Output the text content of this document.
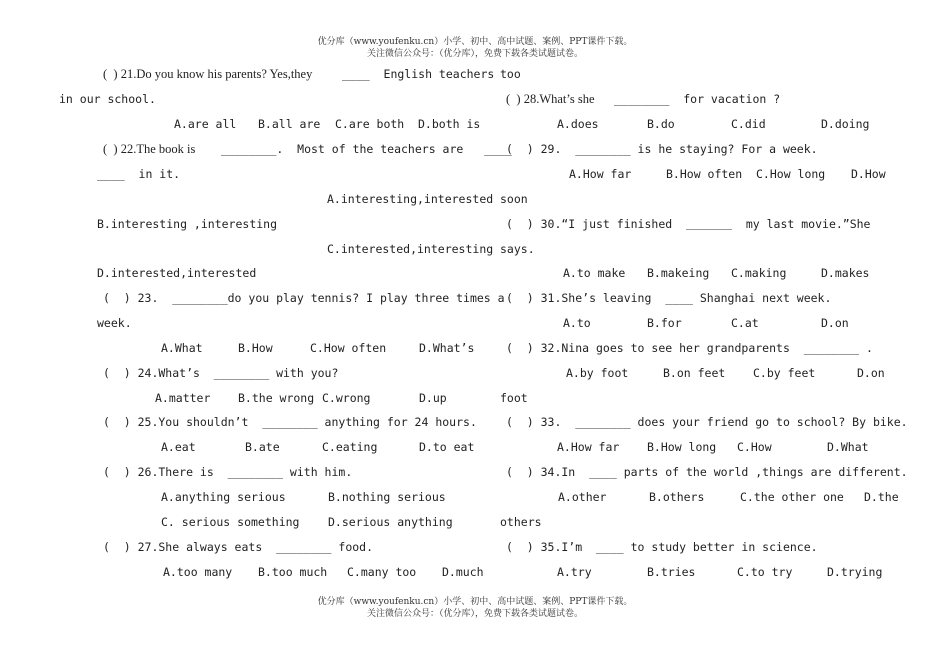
优分库（www.youfenku.cn）小学、初中、高中试题、案例、PPT课件下载。
关注微信公众号：（优分库），免费下载各类试题试卷。
(  ) 21.Do you know his parents? Yes,they	____  English teachers
in our school.
A.are all B.all are C.are both D.both is
(  ) 22.The book is ________.  Most of the teachers are   ____
____  in it.
A.interesting,interested
B.interesting ,interesting
C.interested,interesting
D.interested,interested
(  ) 23.  ________do you play tennis? I play three times a
week.
A.What	B.How	C.How often	D.What’s
(  ) 24.What’s  ________ with you?
A.matter B.the wrong C.wrong	D.up
(  ) 25.You shouldn’t  ________ anything for 24 hours.
A.eat	B.ate	C.eating	D.to eat
(  ) 26.There is  ________ with him.
A.anything serious	B.nothing serious
C. serious something D.serious anything
(  ) 27.She always eats  ________ food.
A.too many B.too much C.many too D.much
too
(  ) 28.What’s she ________  for vacation ?
A.does	B.do	C.did	D.doing
(  ) 29.  ________ is he staying? For a week.
A.How far	B.How often C.How long D.How
soon
(  ) 30.“I just finished  ＿＿＿＿  my last movie.”She
says.
A.to make B.makeing C.making	D.makes
(  ) 31.She’s leaving  ____ Shanghai next week.
A.to	B.for	C.at	D.on
(  ) 32.Nina goes to see her grandparents  ________ .
A.by foot	B.on feet C.by feet	D.on
foot
(  ) 33.  ________ does your friend go to school? By bike.
A.How far B.How long C.How	D.What
(  ) 34.In  ____ parts of the world ,things are different.
A.other	B.others	C.the other one D.the
others
(  ) 35.I’m  ____ to study better in science.
A.try	B.tries	C.to try	D.trying
优分库（www.youfenku.cn）小学、初中、高中试题、案例、PPT课件下载。
关注微信公众号：（优分库），免费下载各类试题试卷。
